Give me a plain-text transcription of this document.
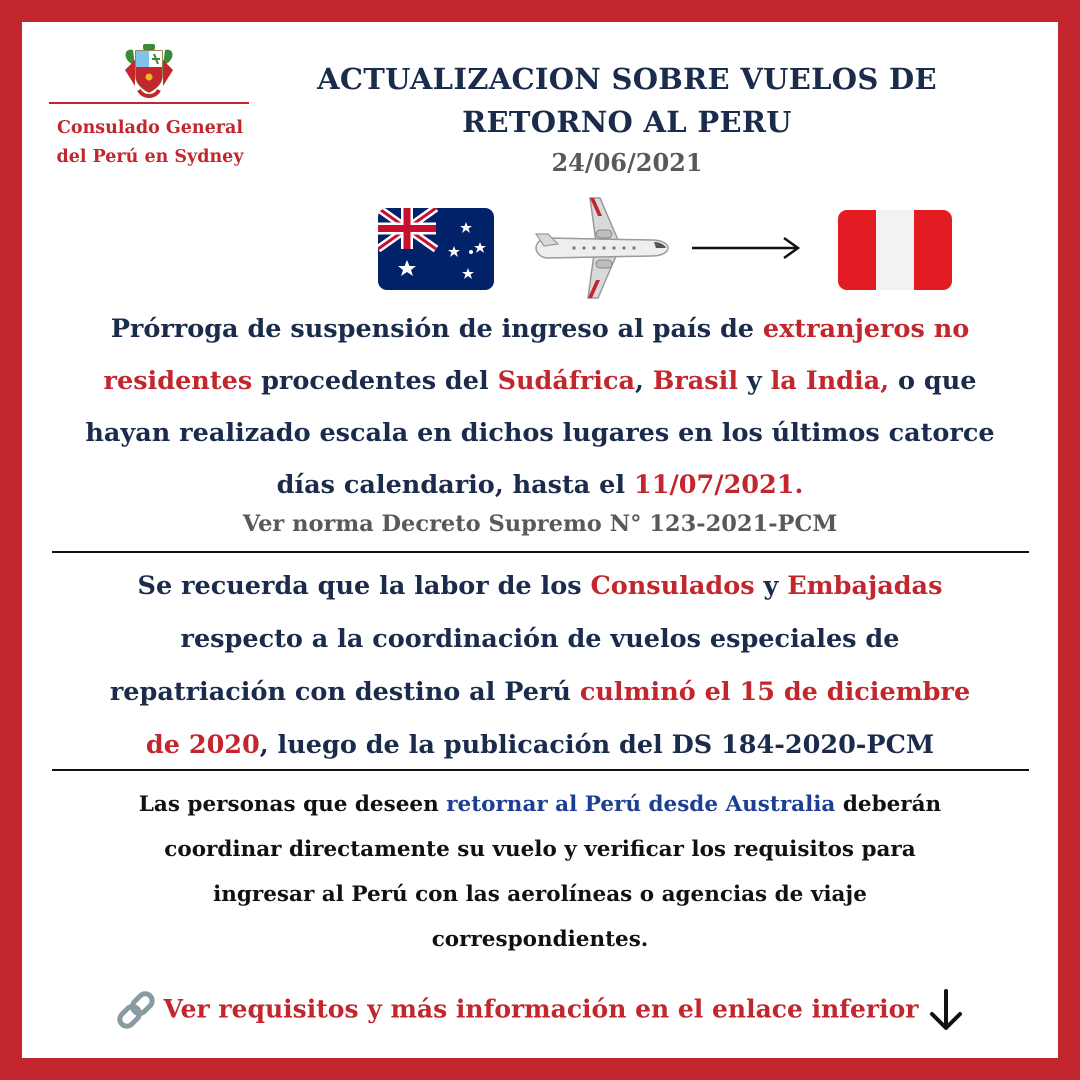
Consulado General
del Perú en Sydney
ACTUALIZACION SOBRE VUELOS DE
RETORNO AL PERU
24/06/2021
Prórroga de suspensión de ingreso al país de extranjeros no
residentes procedentes del Sudáfrica, Brasil y la India, o que
hayan realizado escala en dichos lugares en los últimos catorce
días calendario, hasta el 11/07/2021.
Ver norma Decreto Supremo N° 123-2021-PCM
Se recuerda que la labor de los Consulados y Embajadas
respecto a la coordinación de vuelos especiales de
repatriación con destino al Perú culminó el 15 de diciembre
de 2020, luego de la publicación del DS 184-2020-PCM
Las personas que deseen retornar al Perú desde Australia deberán
coordinar directamente su vuelo y verificar los requisitos para
ingresar al Perú con las aerolíneas o agencias de viaje
correspondientes.
Ver requisitos y más información en el enlace inferior
